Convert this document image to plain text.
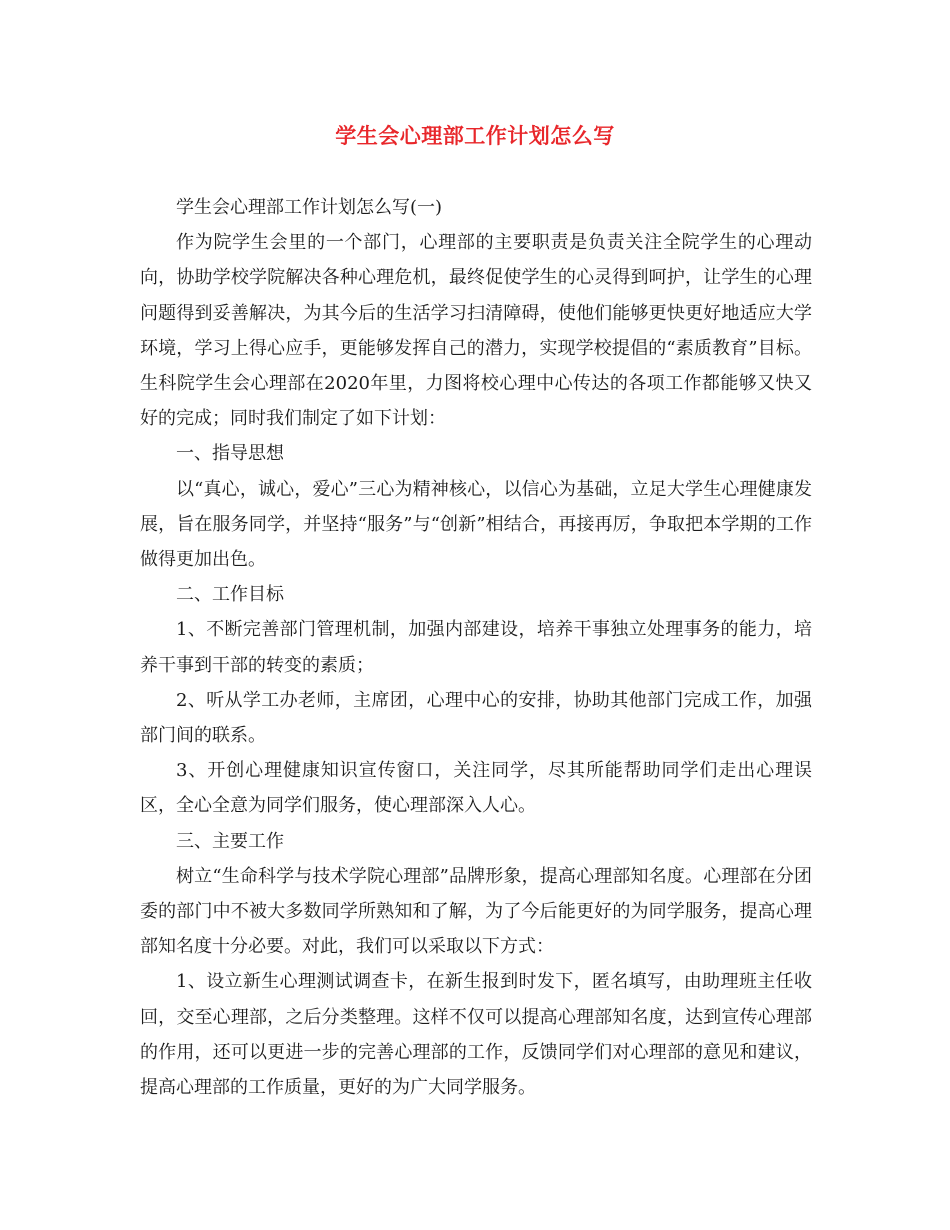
学生会心理部工作计划怎么写

学生会心理部工作计划怎么写(一)

作为院学生会里的一个部门，心理部的主要职责是负责关注全院学生的心理动向，协助学校学院解决各种心理危机，最终促使学生的心灵得到呵护，让学生的心理问题得到妥善解决，为其今后的生活学习扫清障碍，使他们能够更快更好地适应大学环境，学习上得心应手，更能够发挥自己的潜力，实现学校提倡的“素质教育”目标。生科院学生会心理部在2020年里，力图将校心理中心传达的各项工作都能够又快又好的完成；同时我们制定了如下计划：

一、指导思想

以“真心，诚心，爱心”三心为精神核心，以信心为基础，立足大学生心理健康发展，旨在服务同学，并坚持“服务”与“创新”相结合，再接再厉，争取把本学期的工作做得更加出色。

二、工作目标

1、不断完善部门管理机制，加强内部建设，培养干事独立处理事务的能力，培养干事到干部的转变的素质；

2、听从学工办老师，主席团，心理中心的安排，协助其他部门完成工作，加强部门间的联系。

3、开创心理健康知识宣传窗口，关注同学，尽其所能帮助同学们走出心理误区，全心全意为同学们服务，使心理部深入人心。

三、主要工作

树立“生命科学与技术学院心理部”品牌形象，提高心理部知名度。心理部在分团委的部门中不被大多数同学所熟知和了解，为了今后能更好的为同学服务，提高心理部知名度十分必要。对此，我们可以采取以下方式：

1、设立新生心理测试调查卡，在新生报到时发下，匿名填写，由助理班主任收回，交至心理部，之后分类整理。这样不仅可以提高心理部知名度，达到宣传心理部的作用，还可以更进一步的完善心理部的工作，反馈同学们对心理部的意见和建议，提高心理部的工作质量，更好的为广大同学服务。
